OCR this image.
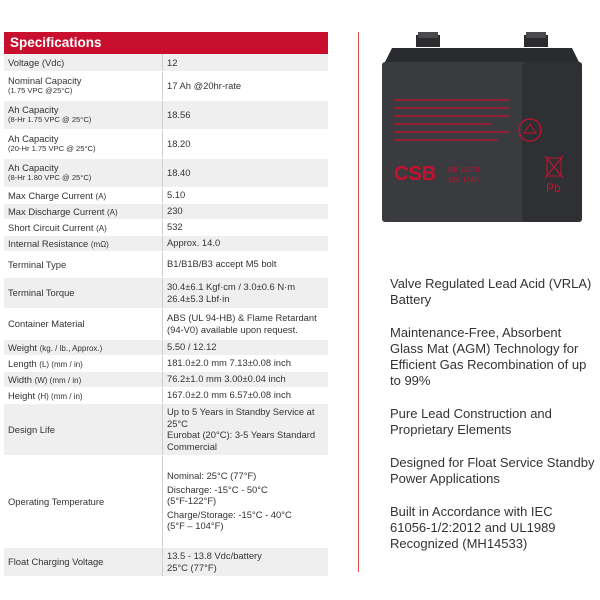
Specifications
Voltage (Vdc)	12

Nominal Capacity
(1.75 VPC @25°C)	17 Ah @20hr-rate

Ah Capacity
(8-Hr 1.75 VPC @ 25°C)	18.56

Ah Capacity
(20-Hr 1.75 VPC @ 25°C)	18.20

Ah Capacity
(8-Hr 1.80 VPC @ 25°C)	18.40

Max Charge Current (A)	5.10

Max Discharge Current (A)	230

Short Circuit Current (A)	532

Internal Resistance (mΩ)	Approx. 14.0

Terminal Type	B1/B1B/B3 accept M5 bolt

Terminal Torque	30.4±6.1 Kgf·cm / 3.0±0.6 N·m
26.4±5.3 Lbf·in

Container Material	ABS (UL 94-HB) & Flame Retardant
(94-V0) available upon request.

Weight (kg. / lb., Approx.)	5.50 / 12.12

Length (L) (mm / in)	181.0±2.0 mm 7.13±0.08 inch

Width (W) (mm / in)	76.2±1.0 mm 3.00±0.04 inch

Height (H) (mm / in)	167.0±2.0 mm 6.57±0.08 inch

Design Life	Up to 5 Years in Standby Service at
25°C
Eurobat (20°C): 3-5 Years Standard
Commercial

Operating Temperature	Nominal: 25°C (77°F)
Discharge: -15°C - 50°C
(5°F-122°F)
Charge/Storage: -15°C - 40°C
(5°F – 104°F)

Float Charging Voltage	13.5 - 13.8 Vdc/battery
25°C (77°F)
CSB GP 12170
12V 17Ah
Pb

Valve Regulated Lead Acid (VRLA) Battery

Maintenance-Free, Absorbent Glass Mat (AGM) Technology for Efficient Gas Recombination of up to 99%

Pure Lead Construction and Proprietary Elements

Designed for Float Service Standby Power Applications

Built in Accordance with IEC 61056-1/2:2012 and UL1989 Recognized (MH14533)
